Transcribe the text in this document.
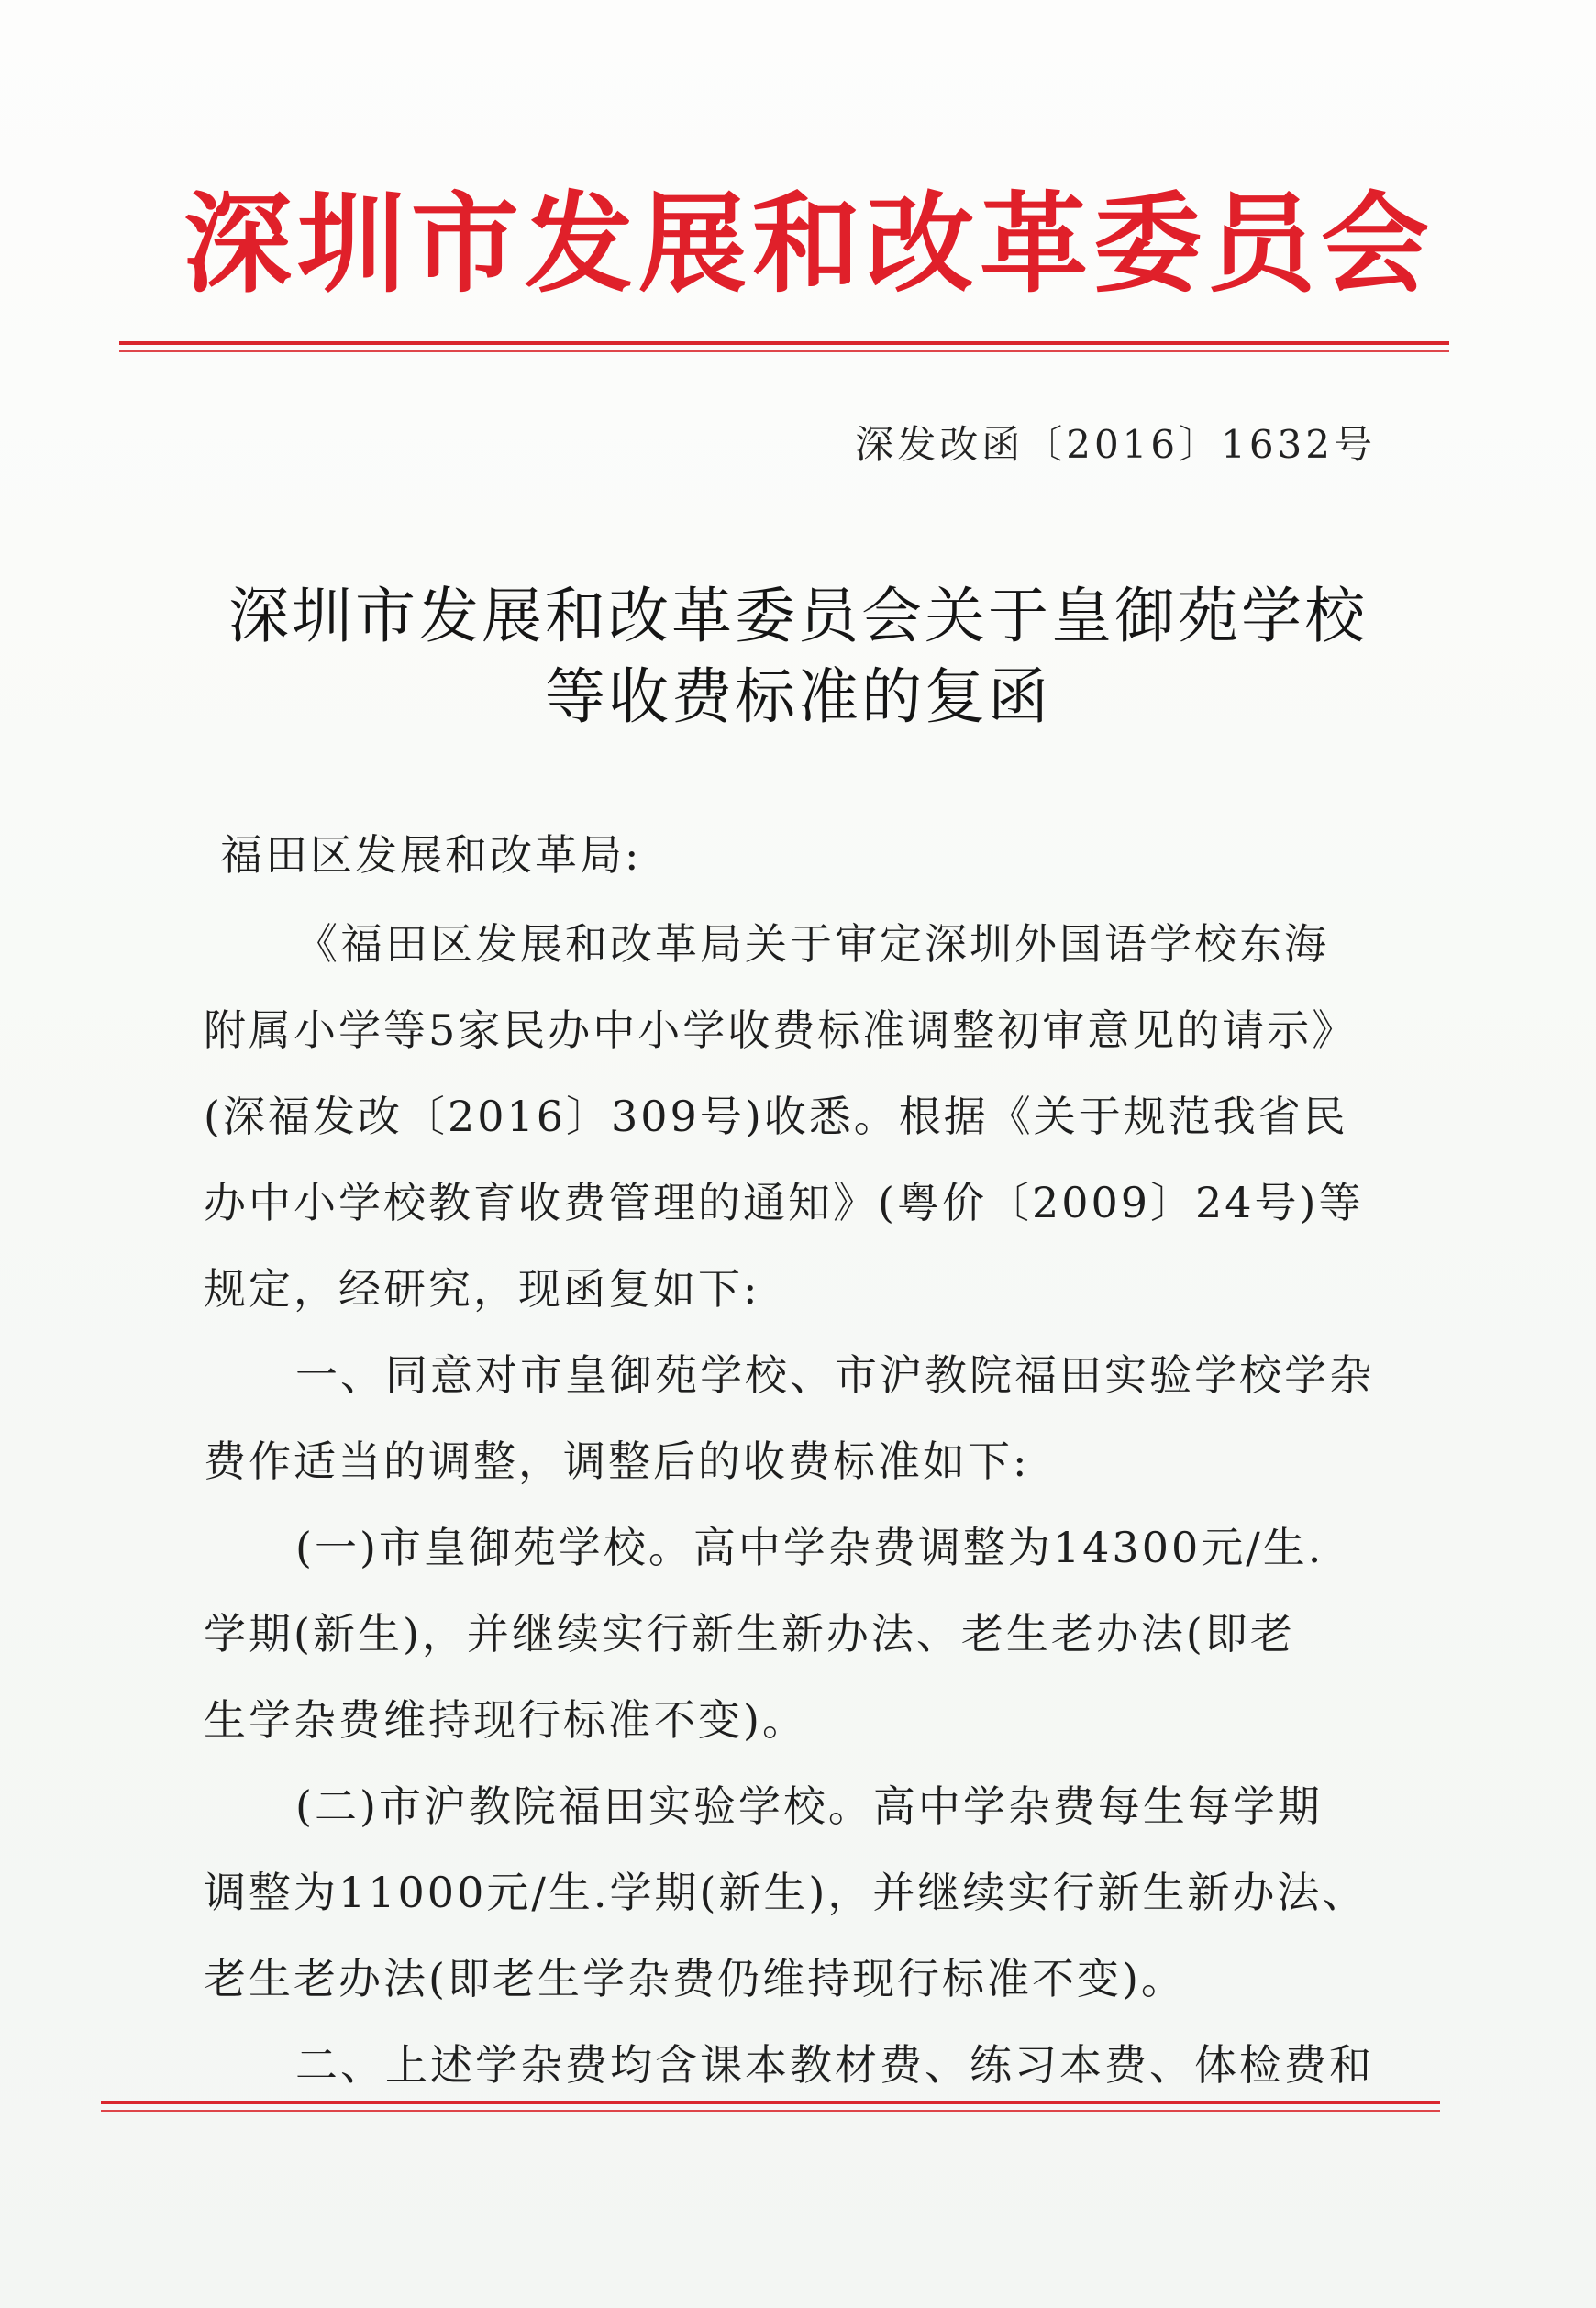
深圳市发展和改革委员会
深发改函〔2016〕1632号
深圳市发展和改革委员会关于皇御苑学校
等收费标准的复函
福田区发展和改革局:
《福田区发展和改革局关于审定深圳外国语学校东海
附属小学等5家民办中小学收费标准调整初审意见的请示》
(深福发改〔2016〕309号)收悉。根据《关于规范我省民
办中小学校教育收费管理的通知》(粤价〔2009〕24号)等
规定，经研究，现函复如下:
一、同意对市皇御苑学校、市沪教院福田实验学校学杂
费作适当的调整，调整后的收费标准如下:
(一)市皇御苑学校。高中学杂费调整为14300元/生.
学期(新生)，并继续实行新生新办法、老生老办法(即老
生学杂费维持现行标准不变)。
(二)市沪教院福田实验学校。高中学杂费每生每学期
调整为11000元/生.学期(新生)，并继续实行新生新办法、
老生老办法(即老生学杂费仍维持现行标准不变)。
二、上述学杂费均含课本教材费、练习本费、体检费和
